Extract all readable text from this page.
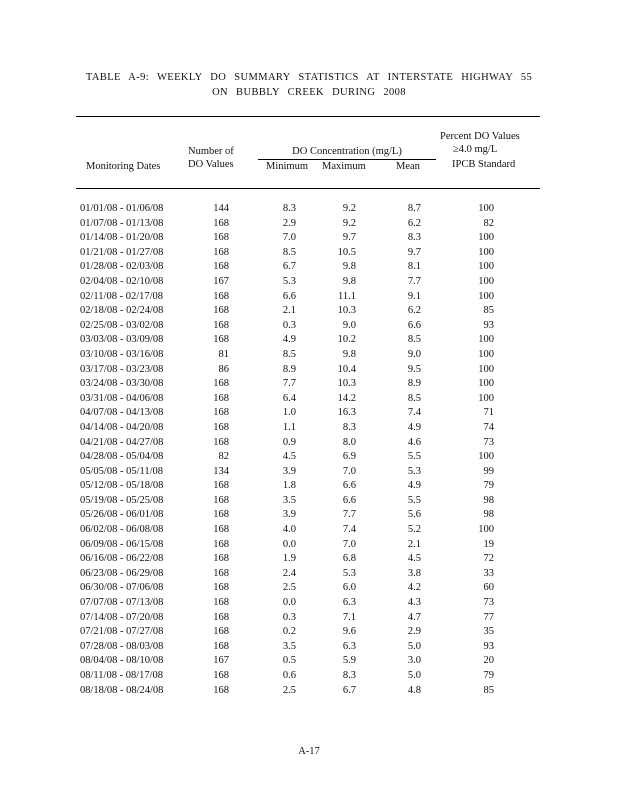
TABLE A-9: WEEKLY DO SUMMARY STATISTICS AT INTERSTATE HIGHWAY 55
ON BUBBLY CREEK DURING 2008
Percent DO Values
≥4.0 mg/L
IPCB Standard
Number of
DO Values
DO Concentration (mg/L)
Minimum Maximum	Mean
Monitoring Dates
01/01/08 - 01/06/08	144	8.3	9.2	8.7	100
01/07/08 - 01/13/08	168	2.9	9.2	6.2	82
01/14/08 - 01/20/08	168	7.0	9.7	8.3	100
01/21/08 - 01/27/08	168	8.5	10.5	9.7	100
01/28/08 - 02/03/08	168	6.7	9.8	8.1	100
02/04/08 - 02/10/08	167	5.3	9.8	7.7	100
02/11/08 - 02/17/08	168	6.6	11.1	9.1	100
02/18/08 - 02/24/08	168	2.1	10.3	6.2	85
02/25/08 - 03/02/08	168	0.3	9.0	6.6	93
03/03/08 - 03/09/08	168	4.9	10.2	8.5	100
03/10/08 - 03/16/08	81	8.5	9.8	9.0	100
03/17/08 - 03/23/08	86	8.9	10.4	9.5	100
03/24/08 - 03/30/08	168	7.7	10.3	8.9	100
03/31/08 - 04/06/08	168	6.4	14.2	8.5	100
04/07/08 - 04/13/08	168	1.0	16.3	7.4	71
04/14/08 - 04/20/08	168	1.1	8.3	4.9	74
04/21/08 - 04/27/08	168	0.9	8.0	4.6	73
04/28/08 - 05/04/08	82	4.5	6.9	5.5	100
05/05/08 - 05/11/08	134	3.9	7.0	5.3	99
05/12/08 - 05/18/08	168	1.8	6.6	4.9	79
05/19/08 - 05/25/08	168	3.5	6.6	5.5	98
05/26/08 - 06/01/08	168	3.9	7.7	5.6	98
06/02/08 - 06/08/08	168	4.0	7.4	5.2	100
06/09/08 - 06/15/08	168	0.0	7.0	2.1	19
06/16/08 - 06/22/08	168	1.9	6.8	4.5	72
06/23/08 - 06/29/08	168	2.4	5.3	3.8	33
06/30/08 - 07/06/08	168	2.5	6.0	4.2	60
07/07/08 - 07/13/08	168	0.0	6.3	4.3	73
07/14/08 - 07/20/08	168	0.3	7.1	4.7	77
07/21/08 - 07/27/08	168	0.2	9.6	2.9	35
07/28/08 - 08/03/08	168	3.5	6.3	5.0	93
08/04/08 - 08/10/08	167	0.5	5.9	3.0	20
08/11/08 - 08/17/08	168	0.6	8.3	5.0	79
08/18/08 - 08/24/08	168	2.5	6.7	4.8	85
A-17
